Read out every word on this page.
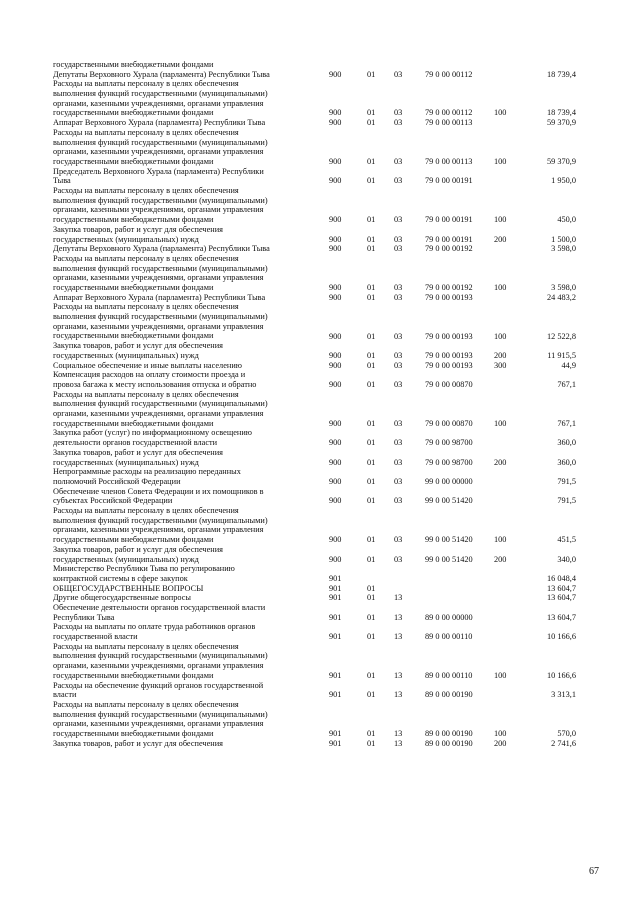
государственными внебюджетными фондами
Депутаты Верховного Хурала (парламента) Республики Тыва	900	01 03	79 0 00 00112	18 739,4
Расходы на выплаты персоналу в целях обеспечения
выполнения функций государственными (муниципальными)
органами, казенными учреждениями, органами управления
государственными внебюджетными фондами	900	01 03	79 0 00 00112	100	18 739,4
Аппарат Верховного Хурала (парламента) Республики Тыва	900	01 03	79 0 00 00113	59 370,9
Расходы на выплаты персоналу в целях обеспечения
выполнения функций государственными (муниципальными)
органами, казенными учреждениями, органами управления
государственными внебюджетными фондами	900	01 03	79 0 00 00113	100	59 370,9
Председатель Верховного Хурала (парламента) Республики
Тыва	900	01 03	79 0 00 00191	1 950,0
Расходы на выплаты персоналу в целях обеспечения
выполнения функций государственными (муниципальными)
органами, казенными учреждениями, органами управления
государственными внебюджетными фондами	900	01 03	79 0 00 00191	100	450,0
Закупка товаров, работ и услуг для обеспечения
государственных (муниципальных) нужд	900	01 03	79 0 00 00191	200	1 500,0
Депутаты Верховного Хурала (парламента) Республики Тыва	900	01 03	79 0 00 00192	3 598,0
Расходы на выплаты персоналу в целях обеспечения
выполнения функций государственными (муниципальными)
органами, казенными учреждениями, органами управления
государственными внебюджетными фондами	900	01 03	79 0 00 00192	100	3 598,0
Аппарат Верховного Хурала (парламента) Республики Тыва	900	01 03	79 0 00 00193	24 483,2
Расходы на выплаты персоналу в целях обеспечения
выполнения функций государственными (муниципальными)
органами, казенными учреждениями, органами управления
государственными внебюджетными фондами	900	01 03	79 0 00 00193	100	12 522,8
Закупка товаров, работ и услуг для обеспечения
государственных (муниципальных) нужд	900	01 03	79 0 00 00193	200	11 915,5
Социальное обеспечение и иные выплаты населению	900	01 03	79 0 00 00193	300	44,9
Компенсация расходов на оплату стоимости проезда и
провоза багажа к месту использования отпуска и обратно	900	01 03	79 0 00 00870	767,1
Расходы на выплаты персоналу в целях обеспечения
выполнения функций государственными (муниципальными)
органами, казенными учреждениями, органами управления
государственными внебюджетными фондами	900	01 03	79 0 00 00870	100	767,1
Закупка работ (услуг) по информационному освещению
деятельности органов государственной власти	900	01 03	79 0 00 98700	360,0
Закупка товаров, работ и услуг для обеспечения
государственных (муниципальных) нужд	900	01 03	79 0 00 98700	200	360,0
Непрограммные расходы на реализацию переданных
полномочий Российской Федерации	900	01 03	99 0 00 00000	791,5
Обеспечение членов Совета Федерации и их помощников в
субъектах Российской Федерации	900	01 03	99 0 00 51420	791,5
Расходы на выплаты персоналу в целях обеспечения
выполнения функций государственными (муниципальными)
органами, казенными учреждениями, органами управления
государственными внебюджетными фондами	900	01 03	99 0 00 51420	100	451,5
Закупка товаров, работ и услуг для обеспечения
государственных (муниципальных) нужд	900	01 03	99 0 00 51420	200	340,0
Министерство Республики Тыва по регулированию
контрактной системы в сфере закупок	901	16 048,4
ОБЩЕГОСУДАРСТВЕННЫЕ ВОПРОСЫ	901	01	13 604,7
Другие общегосударственные вопросы	901	01 13	13 604,7
Обеспечение деятельности органов государственной власти
Республики Тыва	901	01 13	89 0 00 00000	13 604,7
Расходы на выплаты по оплате труда работников органов
государственной власти	901	01 13	89 0 00 00110	10 166,6
Расходы на выплаты персоналу в целях обеспечения
выполнения функций государственными (муниципальными)
органами, казенными учреждениями, органами управления
государственными внебюджетными фондами	901	01 13	89 0 00 00110	100	10 166,6
Расходы на обеспечение функций органов государственной
власти	901	01 13	89 0 00 00190	3 313,1
Расходы на выплаты персоналу в целях обеспечения
выполнения функций государственными (муниципальными)
органами, казенными учреждениями, органами управления
государственными внебюджетными фондами	901	01 13	89 0 00 00190	100	570,0
Закупка товаров, работ и услуг для обеспечения	901	01 13	89 0 00 00190	200	2 741,6
67
